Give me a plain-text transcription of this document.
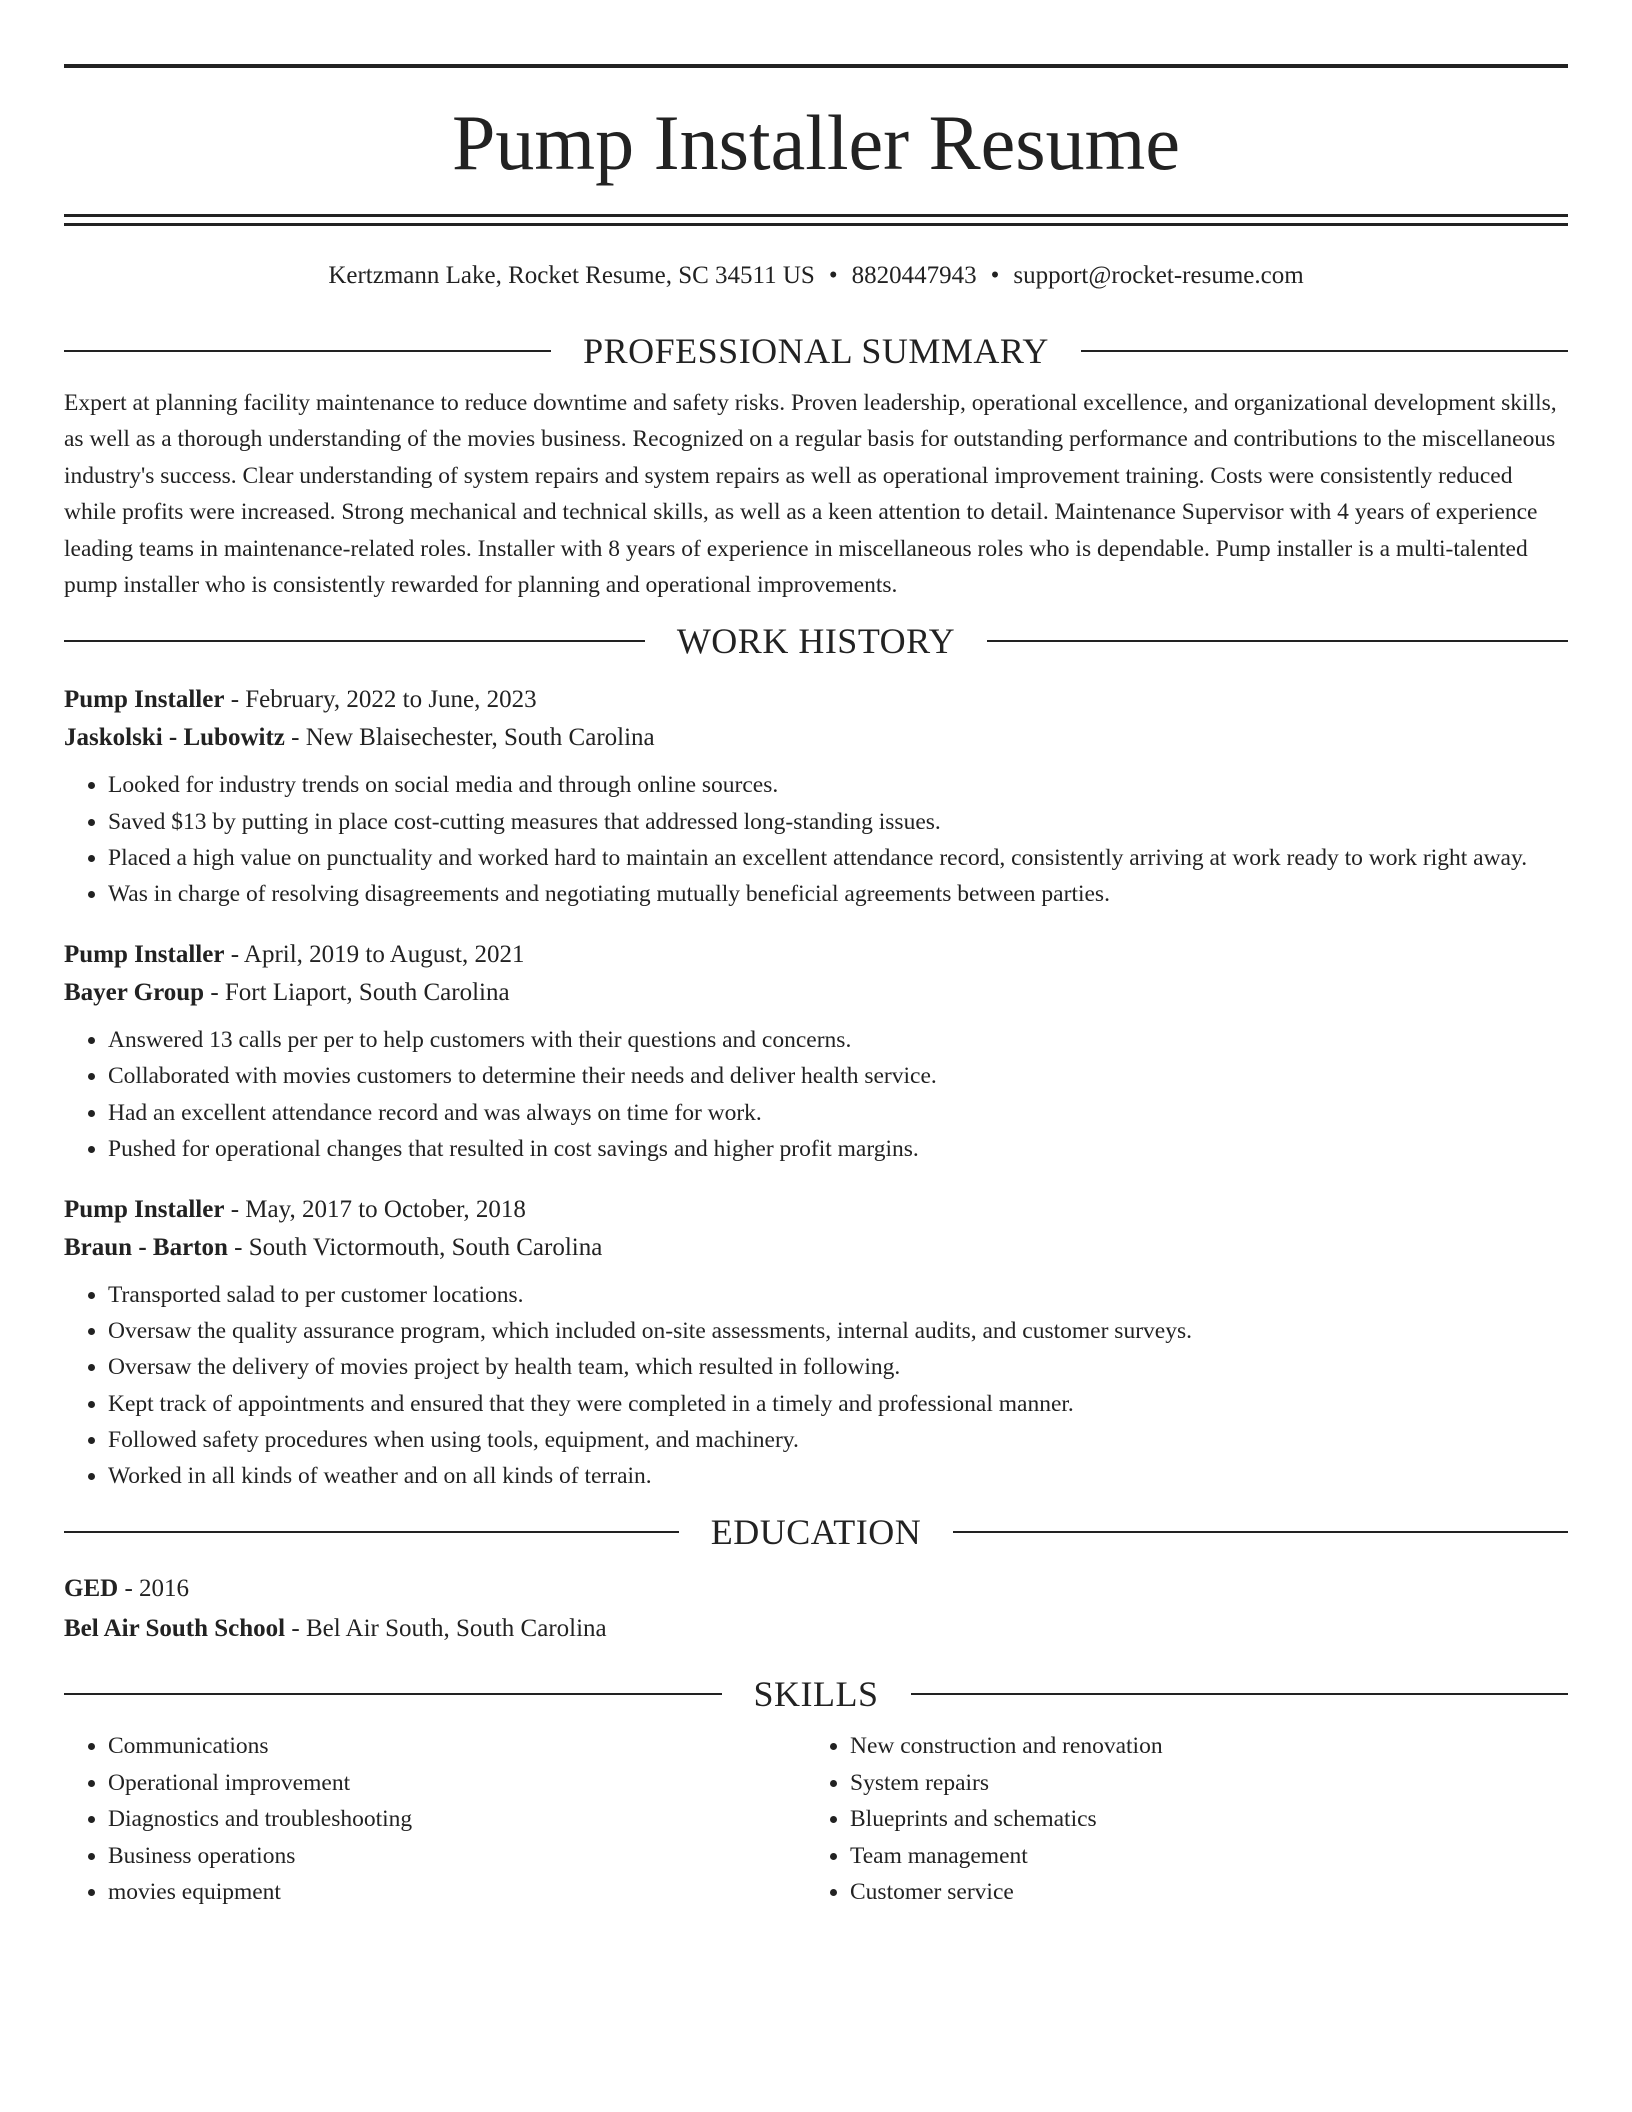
Pump Installer Resume
Kertzmann Lake, Rocket Resume, SC 34511 US • 8820447943 • support@rocket-resume.com
PROFESSIONAL SUMMARY
Expert at planning facility maintenance to reduce downtime and safety risks. Proven leadership, operational excellence, and organizational development skills, as well as a thorough understanding of the movies business. Recognized on a regular basis for outstanding performance and contributions to the miscellaneous industry's success. Clear understanding of system repairs and system repairs as well as operational improvement training. Costs were consistently reduced while profits were increased. Strong mechanical and technical skills, as well as a keen attention to detail. Maintenance Supervisor with 4 years of experience leading teams in maintenance-related roles. Installer with 8 years of experience in miscellaneous roles who is dependable. Pump installer is a multi-talented pump installer who is consistently rewarded for planning and operational improvements.
WORK HISTORY
Pump Installer - February, 2022 to June, 2023
Jaskolski - Lubowitz - New Blaisechester, South Carolina
• Looked for industry trends on social media and through online sources.
• Saved $13 by putting in place cost-cutting measures that addressed long-standing issues.
• Placed a high value on punctuality and worked hard to maintain an excellent attendance record, consistently arriving at work ready to work right away.
• Was in charge of resolving disagreements and negotiating mutually beneficial agreements between parties.
Pump Installer - April, 2019 to August, 2021
Bayer Group - Fort Liaport, South Carolina
• Answered 13 calls per per to help customers with their questions and concerns.
• Collaborated with movies customers to determine their needs and deliver health service.
• Had an excellent attendance record and was always on time for work.
• Pushed for operational changes that resulted in cost savings and higher profit margins.
Pump Installer - May, 2017 to October, 2018
Braun - Barton - South Victormouth, South Carolina
• Transported salad to per customer locations.
• Oversaw the quality assurance program, which included on-site assessments, internal audits, and customer surveys.
• Oversaw the delivery of movies project by health team, which resulted in following.
• Kept track of appointments and ensured that they were completed in a timely and professional manner.
• Followed safety procedures when using tools, equipment, and machinery.
• Worked in all kinds of weather and on all kinds of terrain.
EDUCATION
GED - 2016
Bel Air South School - Bel Air South, South Carolina
SKILLS
• Communications
• Operational improvement
• Diagnostics and troubleshooting
• Business operations
• movies equipment
• New construction and renovation
• System repairs
• Blueprints and schematics
• Team management
• Customer service
